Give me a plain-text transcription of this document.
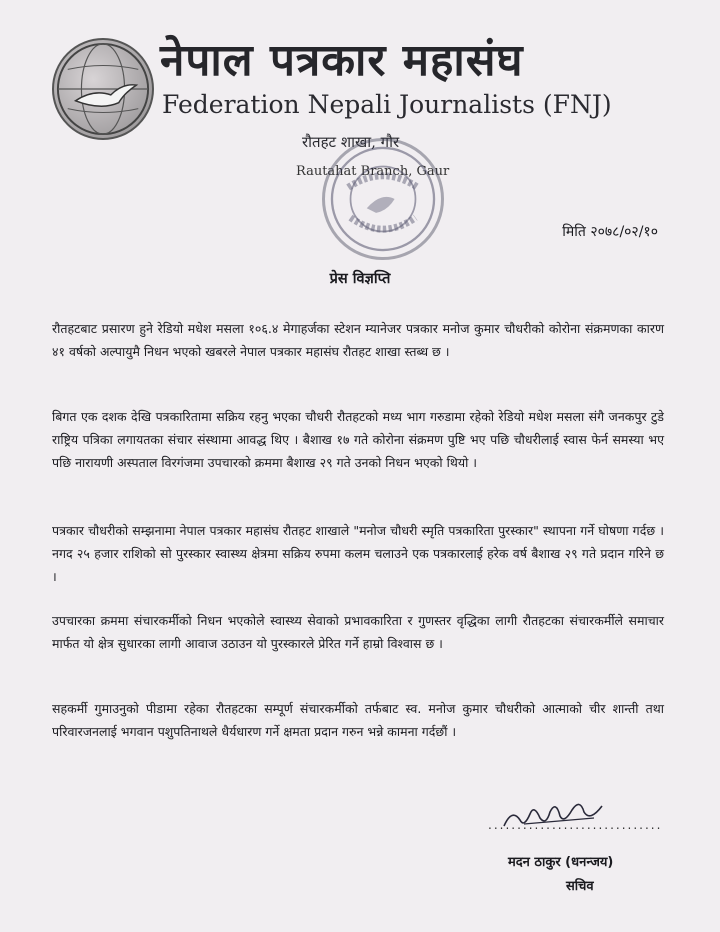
नेपाल पत्रकार महासंघ
Federation Nepali Journalists (FNJ)
रौतहट शाखा, गौर
Rautahat Branch, Gaur
मिति २०७८/०२/१०
प्रेस विज्ञप्ति

रौतहटबाट प्रसारण हुने रेडियो मधेश मसला १०६.४ मेगाहर्जका स्टेशन म्यानेजर पत्रकार मनोज कुमार चौधरीको कोरोना संक्रमणका कारण ४१ वर्षको अल्पायुमै निधन भएको खबरले नेपाल पत्रकार महासंघ रौतहट शाखा स्तब्ध छ ।

बिगत एक दशक देखि पत्रकारितामा सक्रिय रहनु भएका चौधरी रौतहटको मध्य भाग गरुडामा रहेको रेडियो मधेश मसला संगै जनकपुर टुडे राष्ट्रिय पत्रिका लगायतका संचार संस्थामा आवद्ध थिए । बैशाख १७ गते कोरोना संक्रमण पुष्टि भए पछि चौधरीलाई स्वास फेर्न समस्या भए पछि नारायणी अस्पताल विरगंजमा उपचारको क्रममा बैशाख २९ गते उनको निधन भएको थियो ।

पत्रकार चौधरीको सम्झनामा नेपाल पत्रकार महासंघ रौतहट शाखाले "मनोज चौधरी स्मृति पत्रकारिता पुरस्कार" स्थापना गर्ने घोषणा गर्दछ । नगद २५ हजार राशिको सो पुरस्कार स्वास्थ्य क्षेत्रमा सक्रिय रुपमा कलम चलाउने एक पत्रकारलाई हरेक वर्ष बैशाख २९ गते प्रदान गरिने छ ।

उपचारका क्रममा संचारकर्मीको निधन भएकोले स्वास्थ्य सेवाको प्रभावकारिता र गुणस्तर वृद्धिका लागी रौतहटका संचारकर्मीले समाचार मार्फत यो क्षेत्र सुधारका लागी आवाज उठाउन यो पुरस्कारले प्रेरित गर्ने हाम्रो विश्वास छ ।

सहकर्मी गुमाउनुको पीडामा रहेका रौतहटका सम्पूर्ण संचारकर्मीको तर्फबाट स्व. मनोज कुमार चौधरीको आत्माको चीर शान्ती तथा परिवारजनलाई भगवान पशुपतिनाथले धैर्यधारण गर्ने क्षमता प्रदान गरुन भन्ने कामना गर्दछौं ।

..............................
मदन ठाकुर (धनन्जय)
सचिव
